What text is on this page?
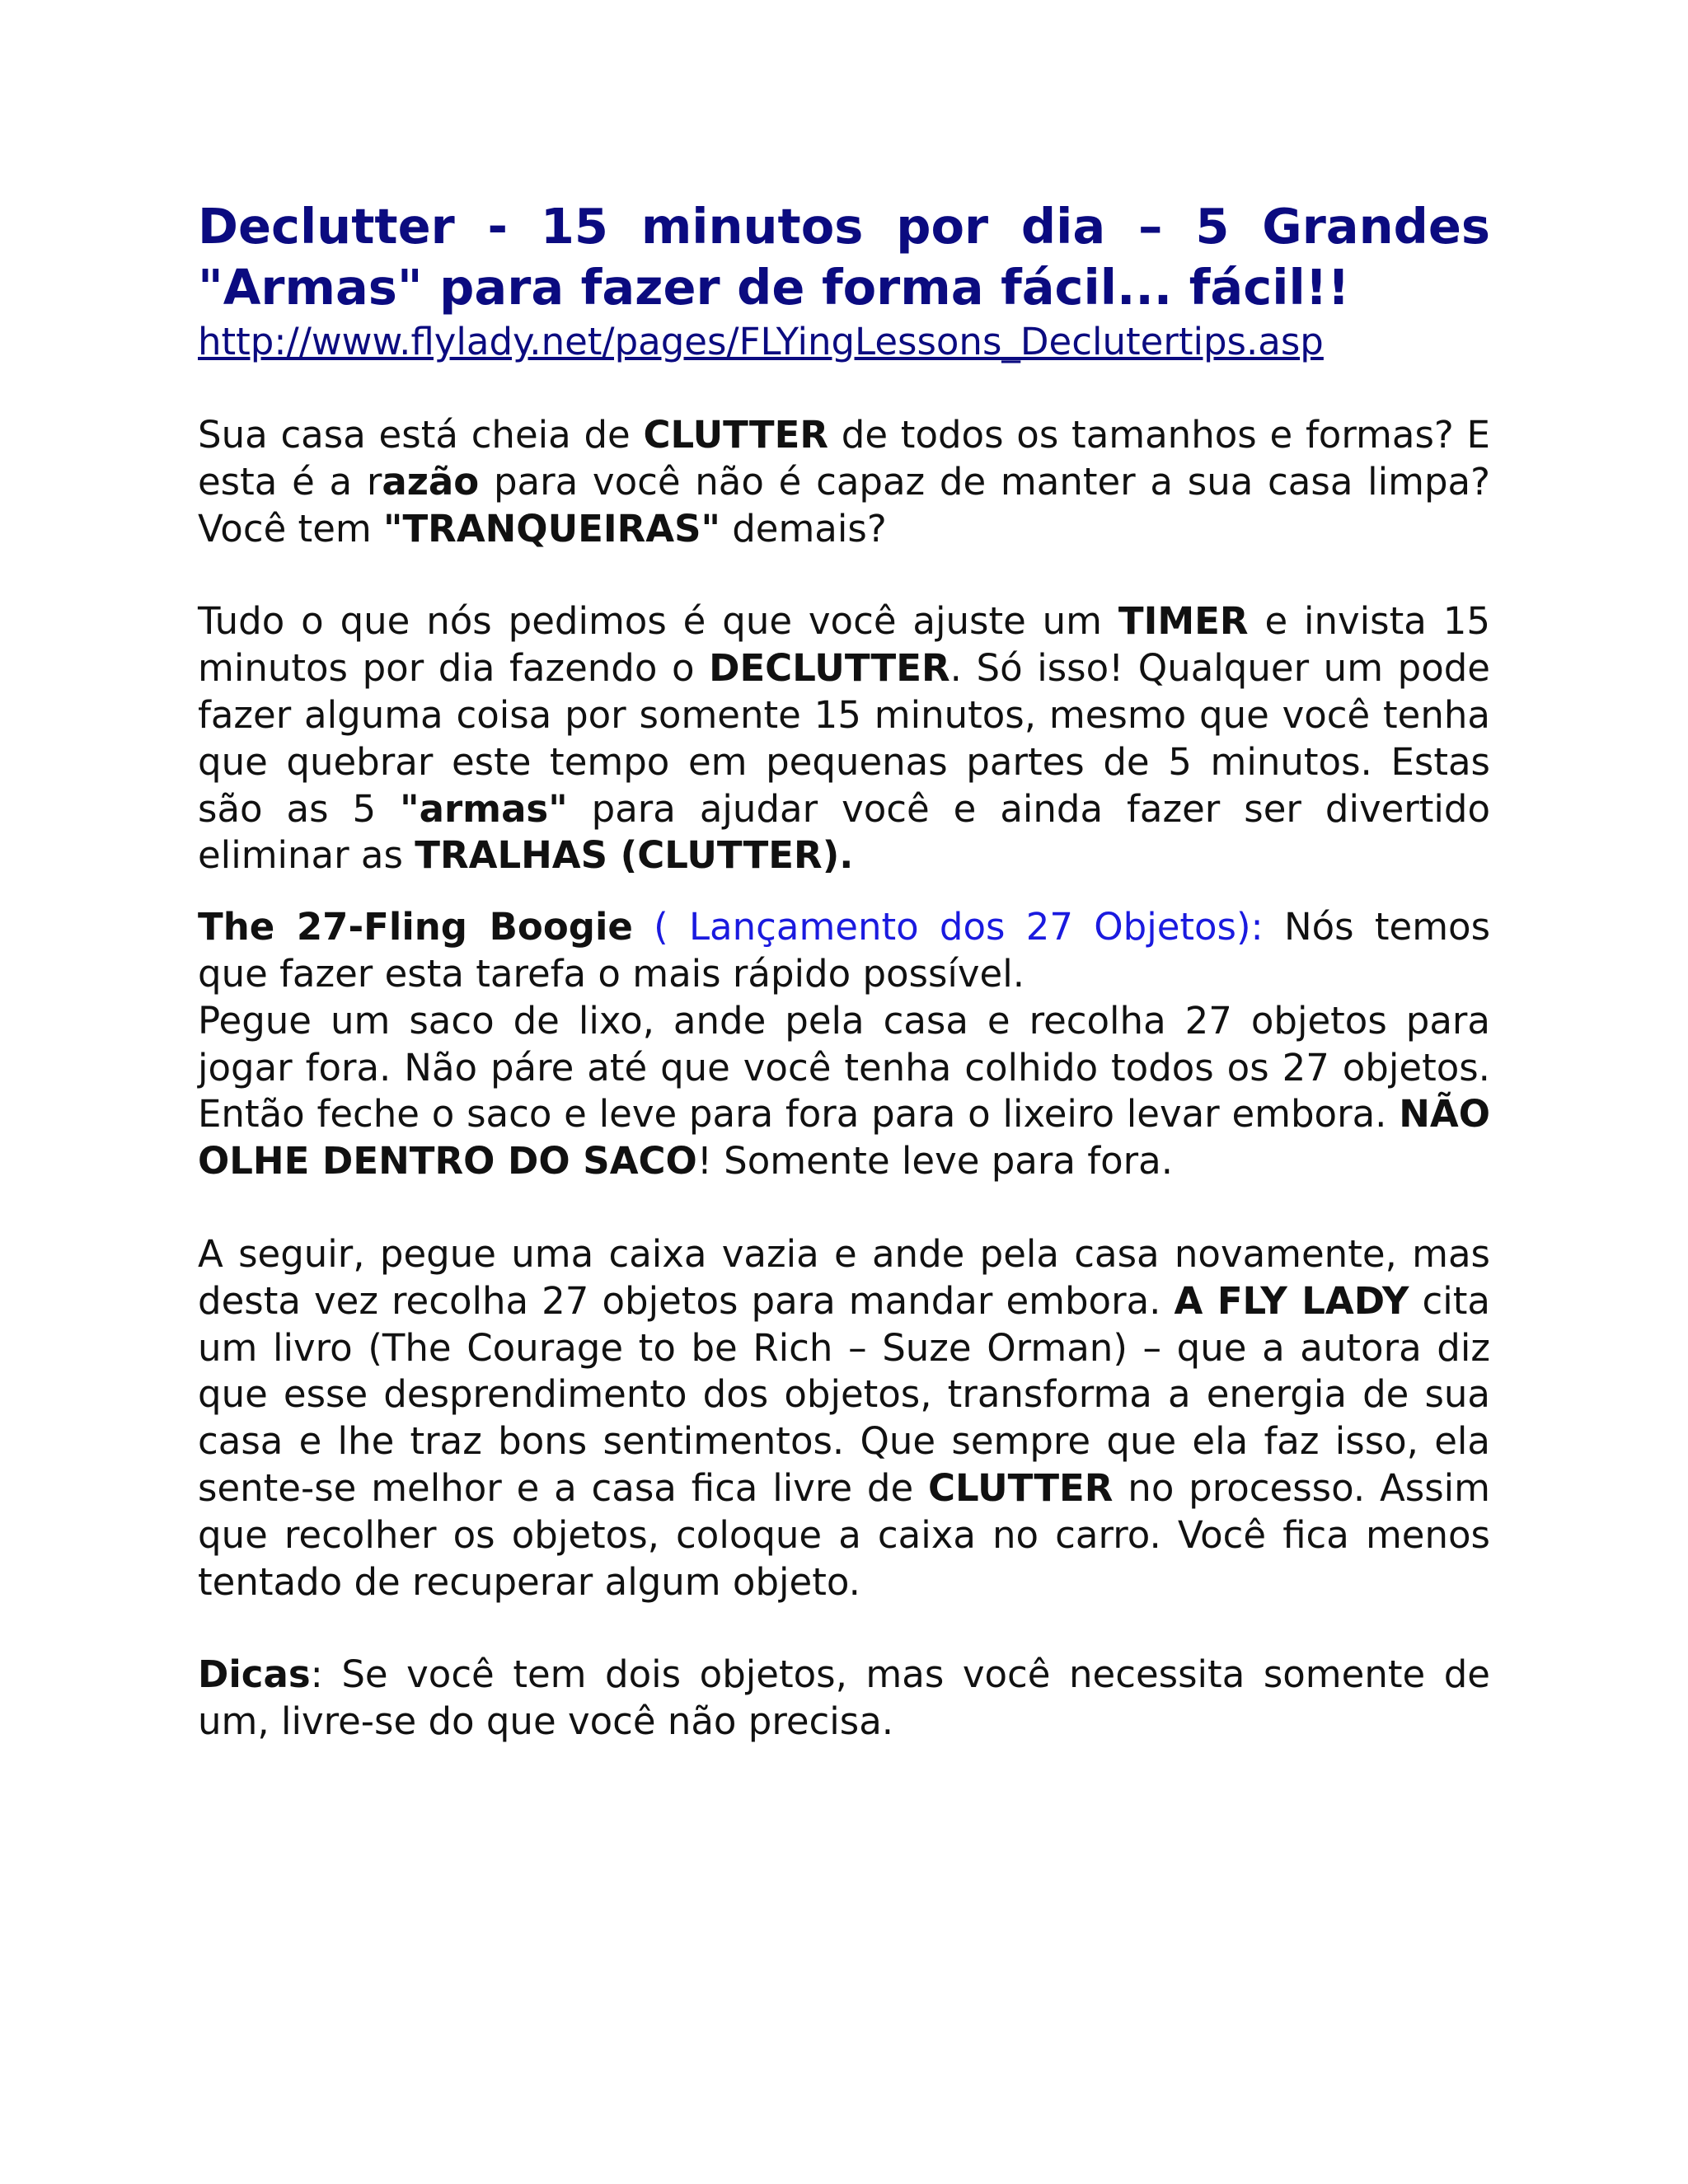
Declutter - 15 minutos por dia – 5 Grandes
"Armas" para fazer de forma fácil... fácil!!
http://www.flylady.net/pages/FLYingLessons_Declutertips.asp

Sua casa está cheia de CLUTTER de todos os tamanhos e formas? E esta é a razão para você não é capaz de manter a sua casa limpa? Você tem "TRANQUEIRAS" demais?

Tudo o que nós pedimos é que você ajuste um TIMER e invista 15 minutos por dia fazendo o DECLUTTER. Só isso! Qualquer um pode fazer alguma coisa por somente 15 minutos, mesmo que você tenha que quebrar este tempo em pequenas partes de 5 minutos. Estas são as 5 "armas" para ajudar você e ainda fazer ser divertido eliminar as TRALHAS (CLUTTER).

The 27-Fling Boogie ( Lançamento dos 27 Objetos): Nós temos que fazer esta tarefa o mais rápido possível.

Pegue um saco de lixo, ande pela casa e recolha 27 objetos para jogar fora. Não páre até que você tenha colhido todos os 27 objetos. Então feche o saco e leve para fora para o lixeiro levar embora. NÃO OLHE DENTRO DO SACO! Somente leve para fora.

A seguir, pegue uma caixa vazia e ande pela casa novamente, mas desta vez recolha 27 objetos para mandar embora. A FLY LADY cita um livro (The Courage to be Rich – Suze Orman) – que a autora diz que esse desprendimento dos objetos, transforma a energia de sua casa e lhe traz bons sentimentos. Que sempre que ela faz isso, ela sente-se melhor e a casa fica livre de CLUTTER no processo. Assim que recolher os objetos, coloque a caixa no carro. Você fica menos tentado de recuperar algum objeto.

Dicas: Se você tem dois objetos, mas você necessita somente de um, livre-se do que você não precisa.
